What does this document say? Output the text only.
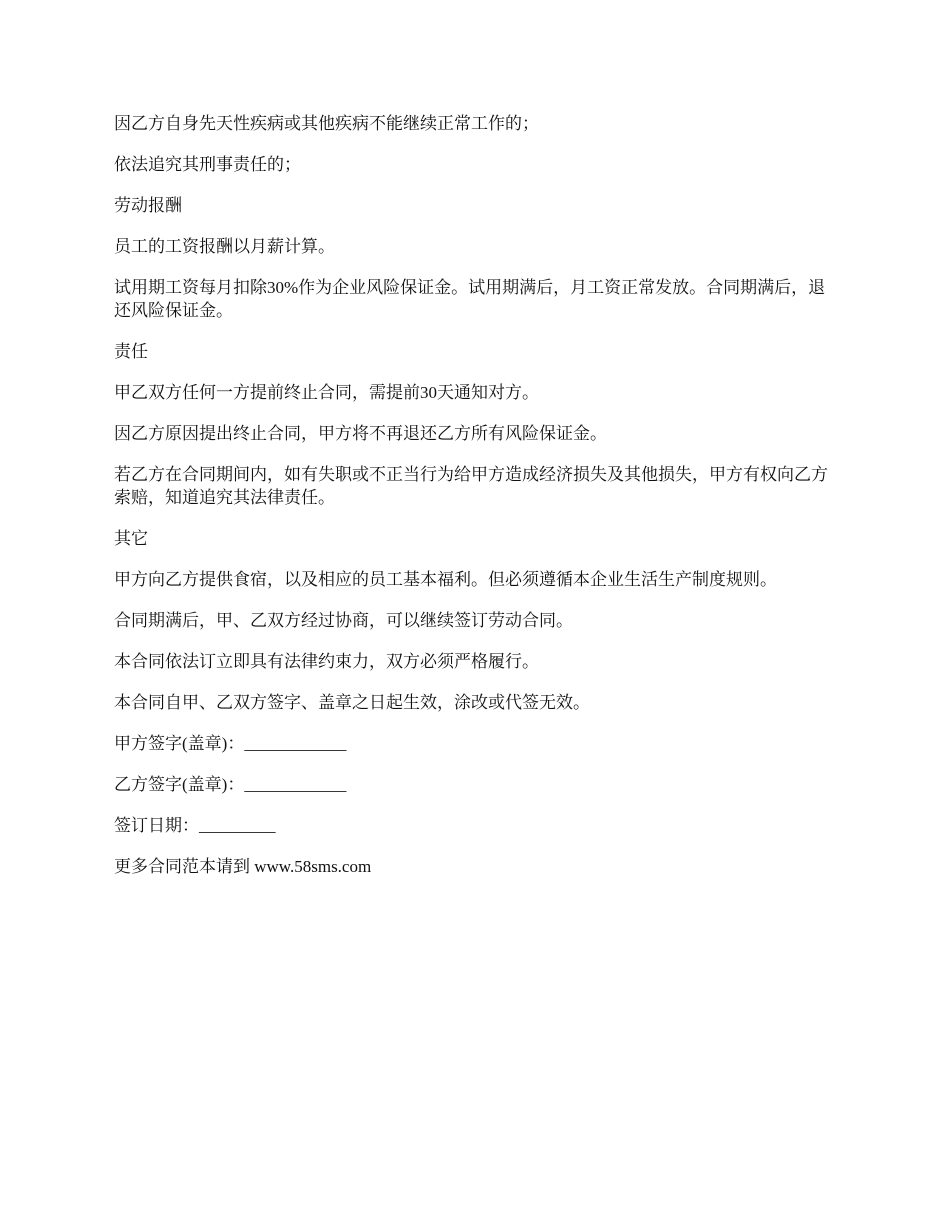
因乙方自身先天性疾病或其他疾病不能继续正常工作的；

依法追究其刑事责任的；

劳动报酬

员工的工资报酬以月薪计算。

试用期工资每月扣除30%作为企业风险保证金。试用期满后，月工资正常发放。合同期满后，退还风险保证金。

责任

甲乙双方任何一方提前终止合同，需提前30天通知对方。

因乙方原因提出终止合同，甲方将不再退还乙方所有风险保证金。

若乙方在合同期间内，如有失职或不正当行为给甲方造成经济损失及其他损失，甲方有权向乙方索赔，知道追究其法律责任。

其它

甲方向乙方提供食宿，以及相应的员工基本福利。但必须遵循本企业生活生产制度规则。

合同期满后，甲、乙双方经过协商，可以继续签订劳动合同。

本合同依法订立即具有法律约束力，双方必须严格履行。

本合同自甲、乙双方签字、盖章之日起生效，涂改或代签无效。

甲方签字(盖章)：____________

乙方签字(盖章)：____________

签订日期：_________

更多合同范本请到 www.58sms.com
